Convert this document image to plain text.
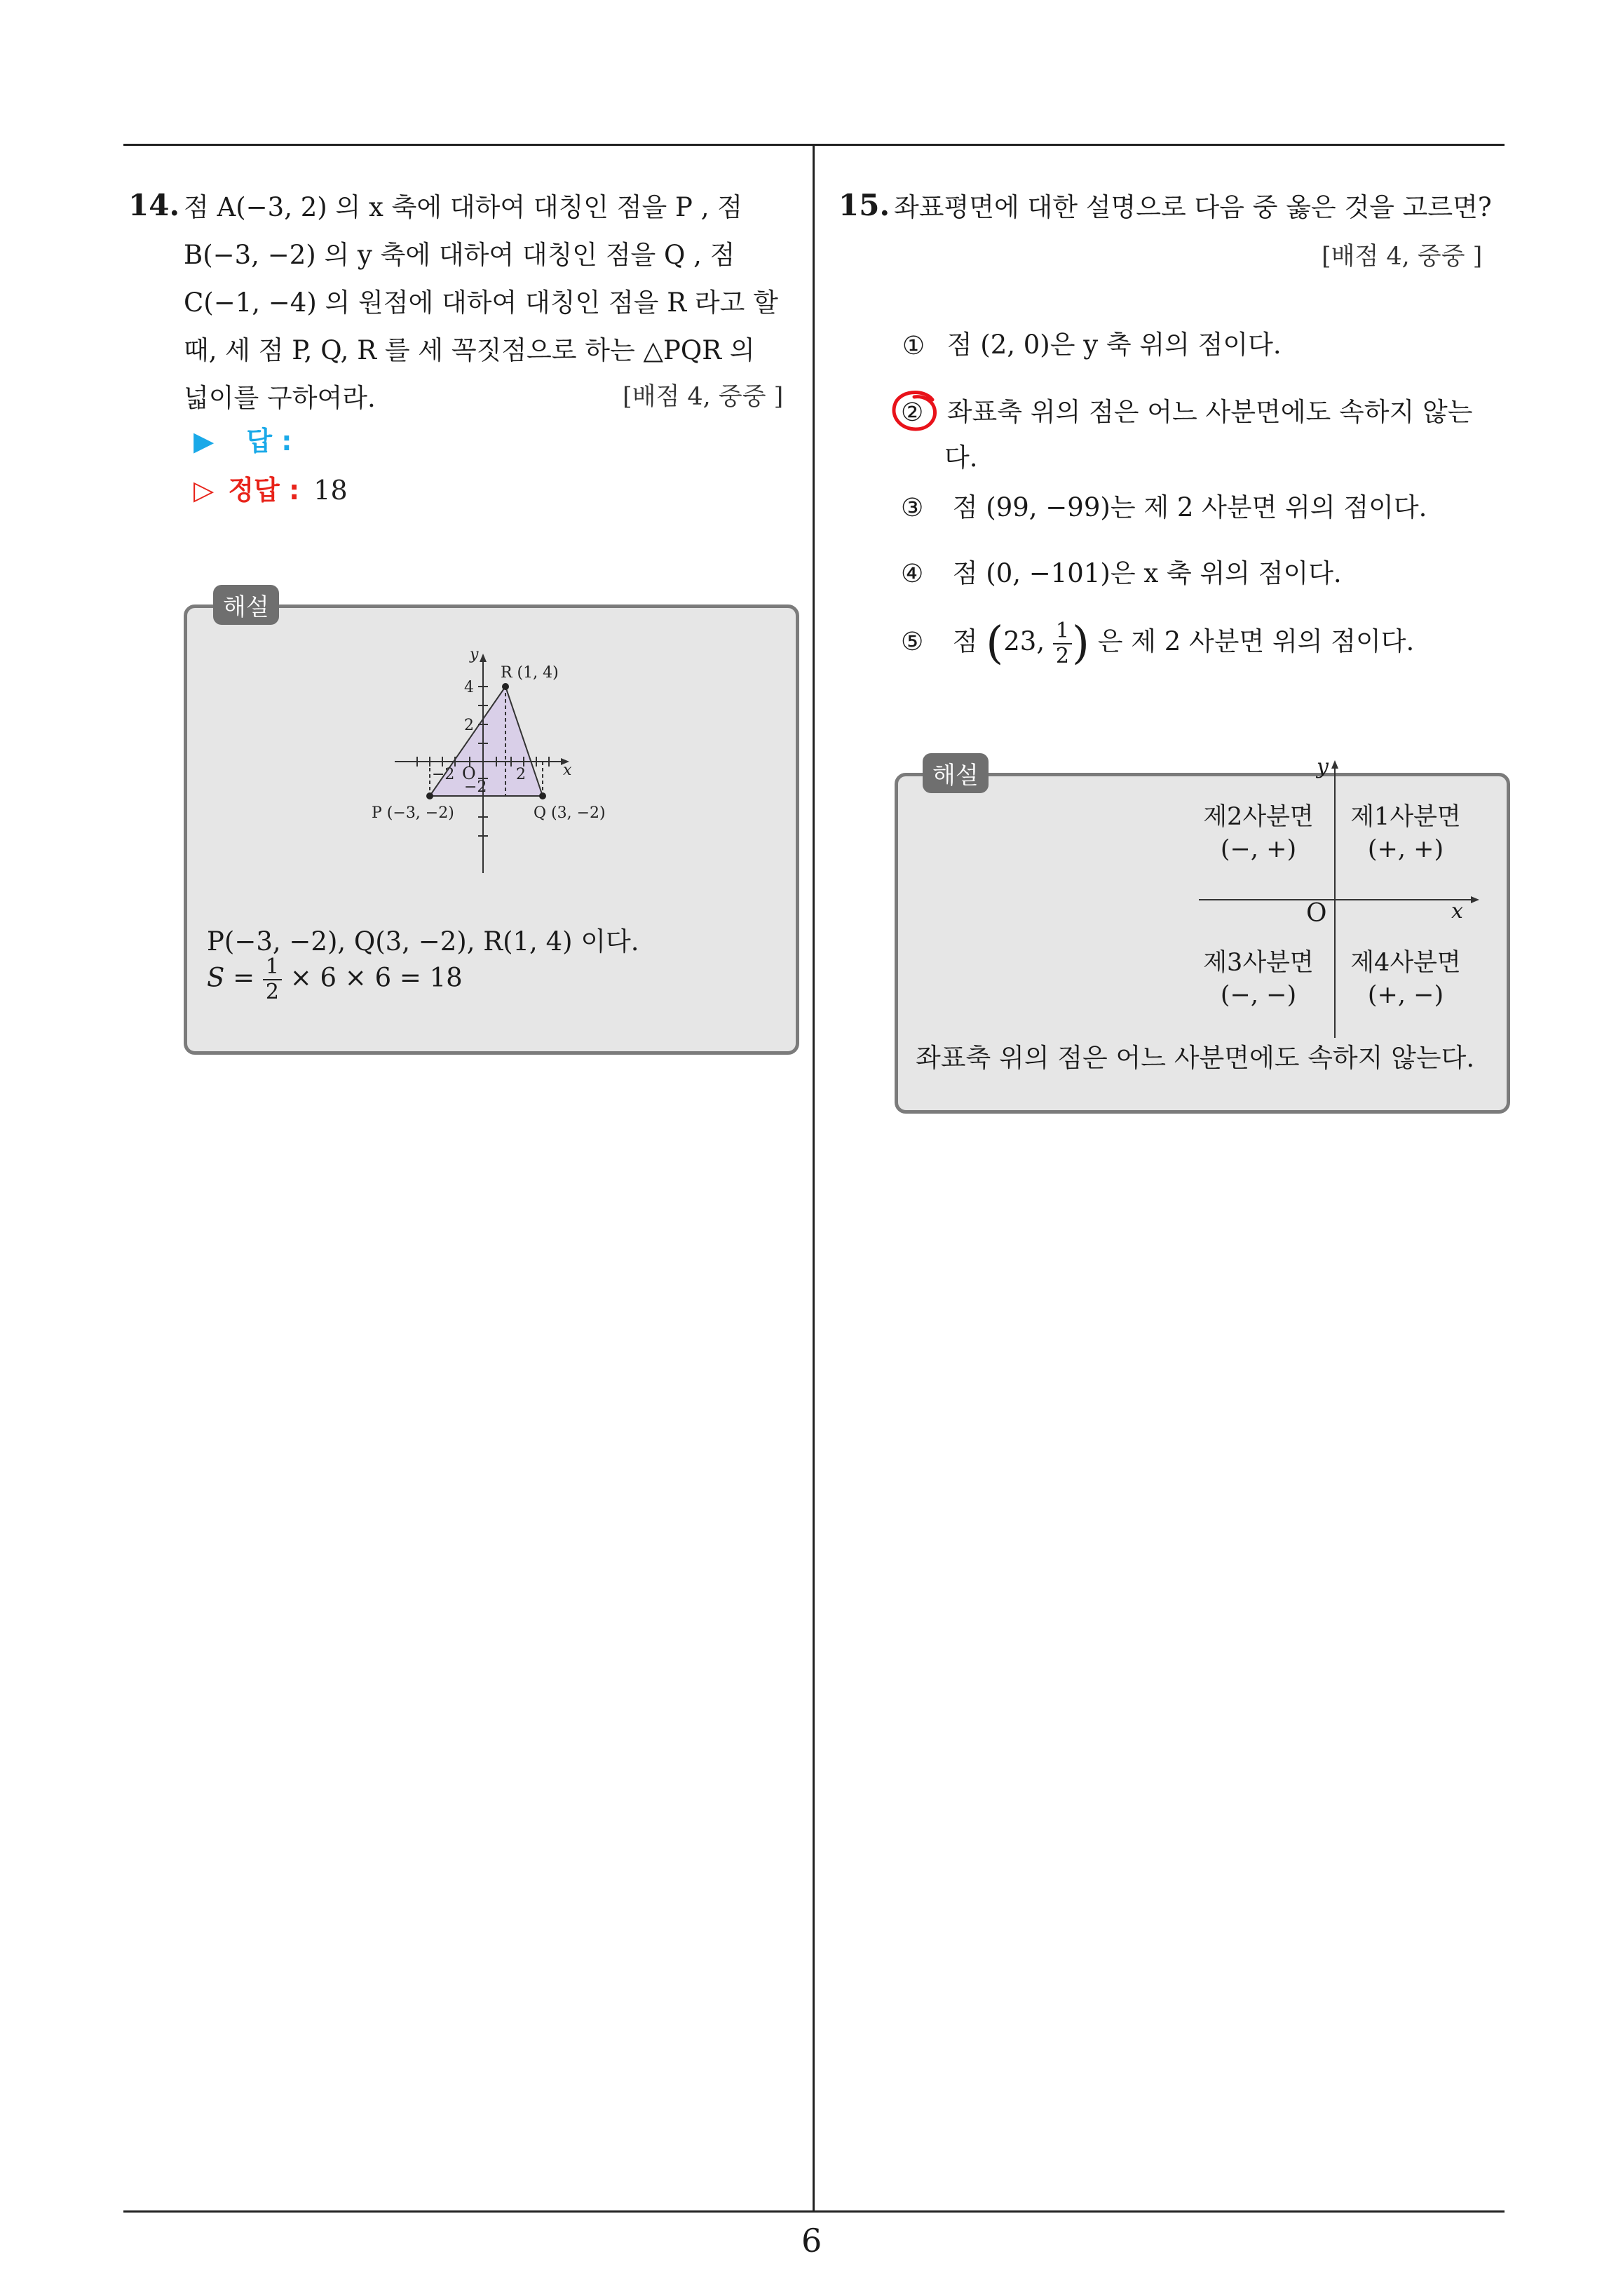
6
14. 점 A(−3, 2) 의 x 축에 대하여 대칭인 점을 P , 점
B(−3, −2) 의 y 축에 대하여 대칭인 점을 Q , 점
C(−1, −4) 의 원점에 대하여 대칭인 점을 R 라고 할
때, 세 점 P, Q, R 를 세 꼭짓점으로 하는 △PQR 의
넓이를 구하여라.	[배점 4, 중중 ]
▶ 답 :
▷ 정답 : 18
해설
y
x
O
4
2
−2	2
−2
R (1, 4)
P (−3, −2)	Q (3, −2)
P(−3, −2), Q(3, −2), R(1, 4) 이다.
$S = \frac{1}{2} \times 6 \times 6 = 18$
15. 좌표평면에 대한 설명으로 다음 중 옳은 것을 고르면?
[배점 4, 중중 ]
① 점 (2, 0)은 y 축 위의 점이다.
② 좌표축 위의 점은 어느 사분면에도 속하지 않는
다.
③ 점 (99, −99)는 제 2 사분면 위의 점이다.
④ 점 (0, −101)은 x 축 위의 점이다.
⑤ 점 (23, $\frac{1}{2}$ ) 은 제 2 사분면 위의 점이다.
해설	y
x
O
제2사분면
(−, +)
제1사분면
(+, +)
제3사분면
(−, −)
제4사분면
(+, −)
좌표축 위의 점은 어느 사분면에도 속하지 않는다.
